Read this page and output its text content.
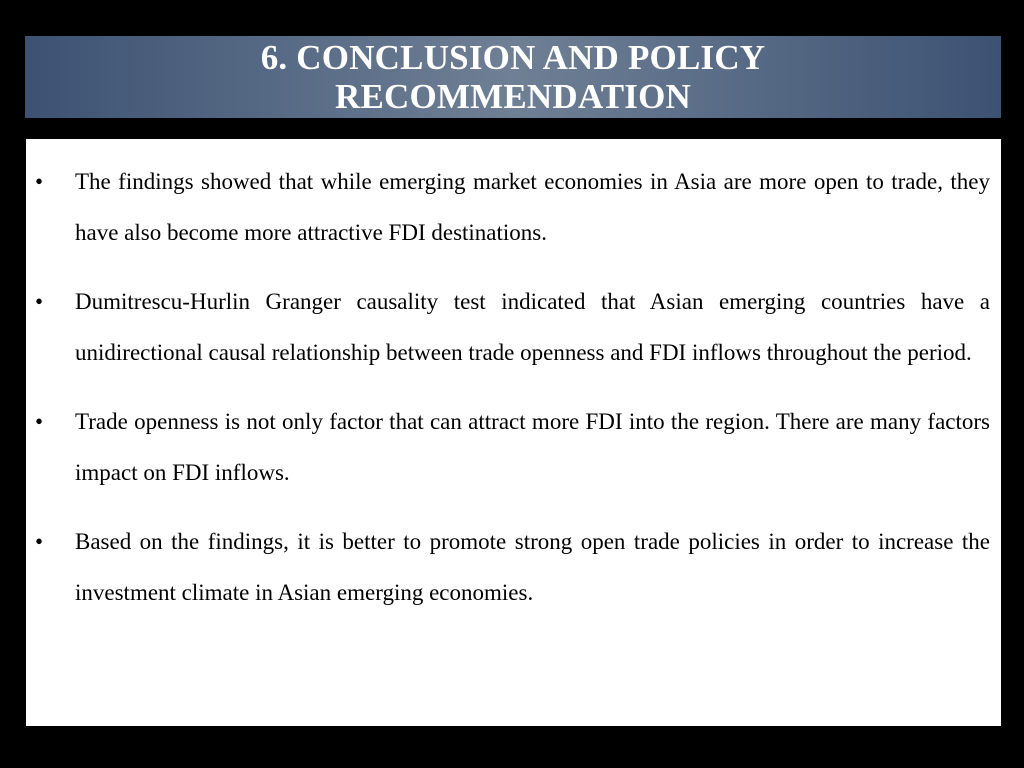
6. CONCLUSION AND POLICY
RECOMMENDATION
• The findings showed that while emerging market economies in Asia are more open to trade, they have also become more attractive FDI destinations.
• Dumitrescu-Hurlin Granger causality test indicated that Asian emerging countries have a unidirectional causal relationship between trade openness and FDI inflows throughout the period.
• Trade openness is not only factor that can attract more FDI into the region. There are many factors impact on FDI inflows.
• Based on the findings, it is better to promote strong open trade policies in order to increase the investment climate in Asian emerging economies.
